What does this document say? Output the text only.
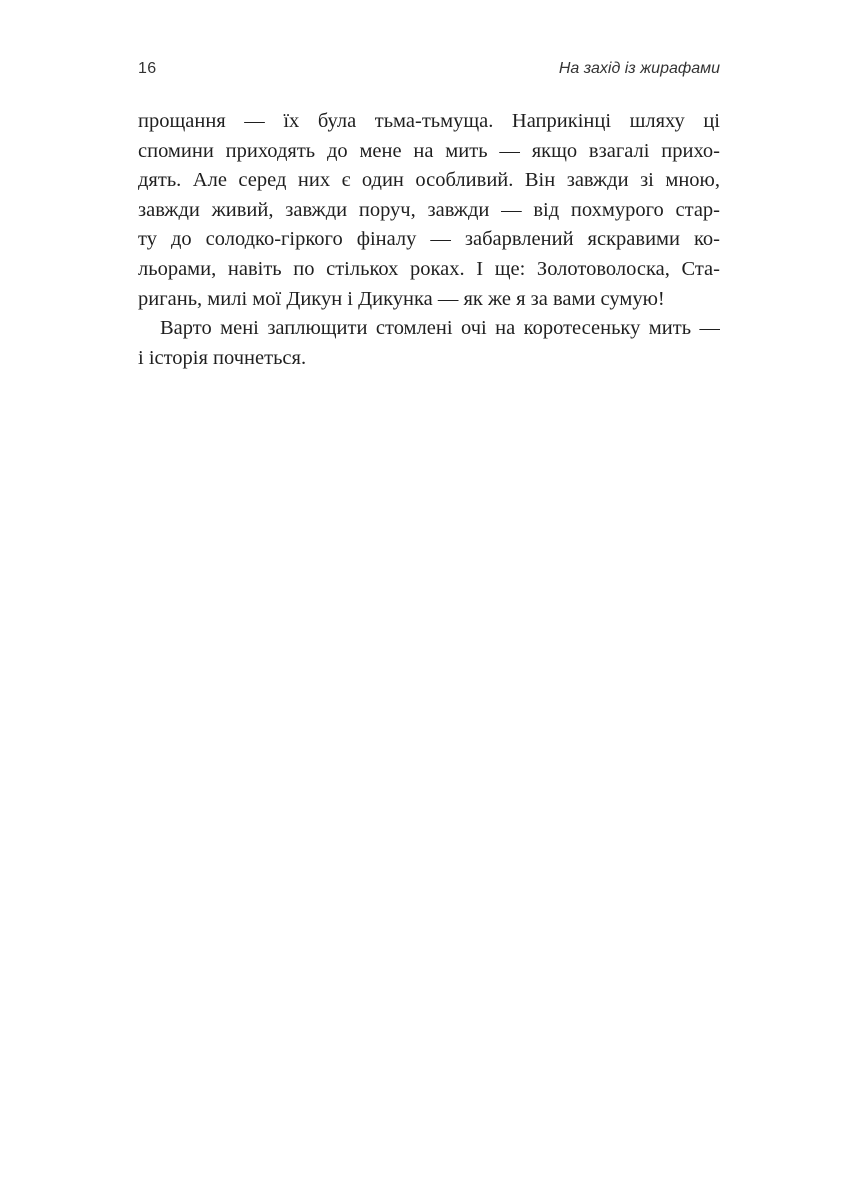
16	На захід із жирафами
прощання — їх була тьма-тьмуща. Наприкінці шляху ці
спомини приходять до мене на мить — якщо взагалі прихо-
дять. Але серед них є один особливий. Він завжди зі мною,
завжди живий, завжди поруч, завжди — від похмурого стар-
ту до солодко-гіркого фіналу — забарвлений яскравими ко-
льорами, навіть по стількох роках. І ще: Золотоволоска, Ста-
ригань, милі мої Дикун і Дикунка — як же я за вами сумую!
Варто мені заплющити стомлені очі на коротесеньку мить —
і історія почнеться.
